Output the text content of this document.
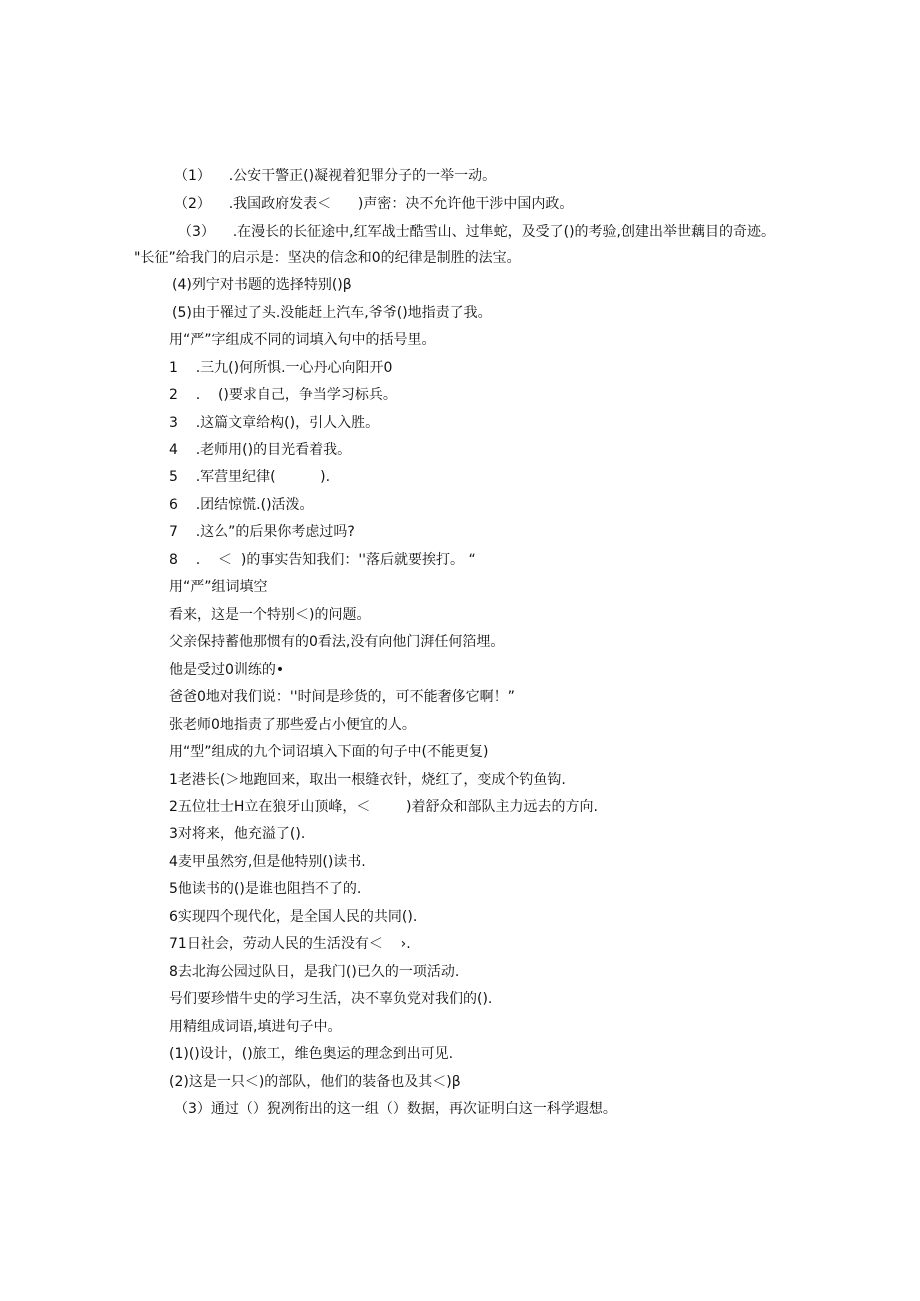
（1）    .公安干警正()凝视着犯罪分子的一举一动。
（2）    .我国政府发表＜      )声密：决不允许他干涉中国内政。
（3）    .在漫长的长征途中,红军战士酷雪山、过隼蛇，及受了()的考验,创建出举世藕目的奇迹。
"长征”给我门的启示是：坚决的信念和0的纪律是制胜的法宝。
(4)列宁对书题的选择特别()β
(5)由于罹过了头.没能赶上汽车,爷爷()地指责了我。
用“严”字组成不同的词填入句中的括号里。
1    .三九()何所惧.一心丹心向阳开0
2    .    ()要求自己，争当学习标兵。
3    .这篇文章给构()，引人入胜。
4    .老师用()的目光看着我。
5    .军营里纪律(          ).
6    .团结惊慌.()活泼。
7    .这么”的后果你考虑过吗?
8    .    ＜  )的事实告知我们：''落后就要挨打。 “
用“严”组词填空
看来，这是一个特别＜)的问题。
父亲保持蓄他那惯有的0看法,没有向他门湃任何箔埋。
他是受过0训练的•
爸爸0地对我们说：''时间是珍货的，可不能奢侈它啊！”
张老师0地指责了那些爱占小便宜的人。
用“型”组成的九个词诏填入下面的句子中(不能更复)
1老港长(＞地跑回来，取出一根缝衣针，烧红了，变成个钓鱼钩.
2五位壮士Η立在狼牙山顶峰，＜        )着舒众和部队主力远去的方向.
3对将来，他充溢了().
4麦甲虽然穷,但是他特别()读书.
5他读书的()是谁也阻挡不了的.
6实现四个现代化，是全国人民的共同().
71日社会，劳动人民的生活没有＜    ›.
8去北海公园过队日，是我门()已久的一项活动.
号们要珍惜牛史的学习生活，决不辜负党对我们的().
用精组成词语,填进句子中。
(1)()设计，()旅工，维色奥运的理念到出可见.
(2)这是一只＜)的部队，他们的装备也及其＜)β
（3）通过（）猊冽衔出的这一组（）数据，再次证明白这一科学遐想。
